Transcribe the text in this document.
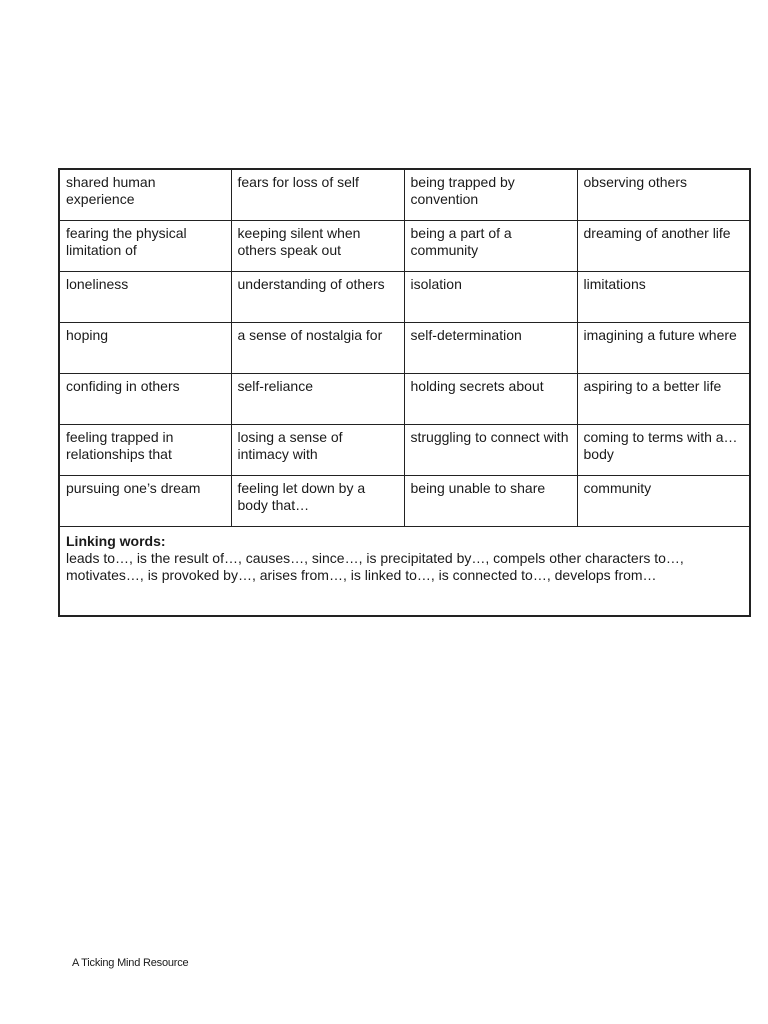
shared human experience	fears for loss of self	being trapped by convention	observing others
fearing the physical limitation of	keeping silent when others speak out	being a part of a community	dreaming of another life
loneliness	understanding of others	isolation	limitations
hoping	a sense of nostalgia for	self-determination	imagining a future where
confiding in others	self-reliance	holding secrets about	aspiring to a better life
feeling trapped in relationships that	losing a sense of intimacy with	struggling to connect with	coming to terms with a… body
pursuing one’s dream	feeling let down by a body that…	being unable to share	community

Linking words:
leads to…, is the result of…, causes…, since…, is precipitated by…, compels other characters to…, motivates…, is provoked by…, arises from…, is linked to…, is connected to…, develops from…			
A Ticking Mind Resource
